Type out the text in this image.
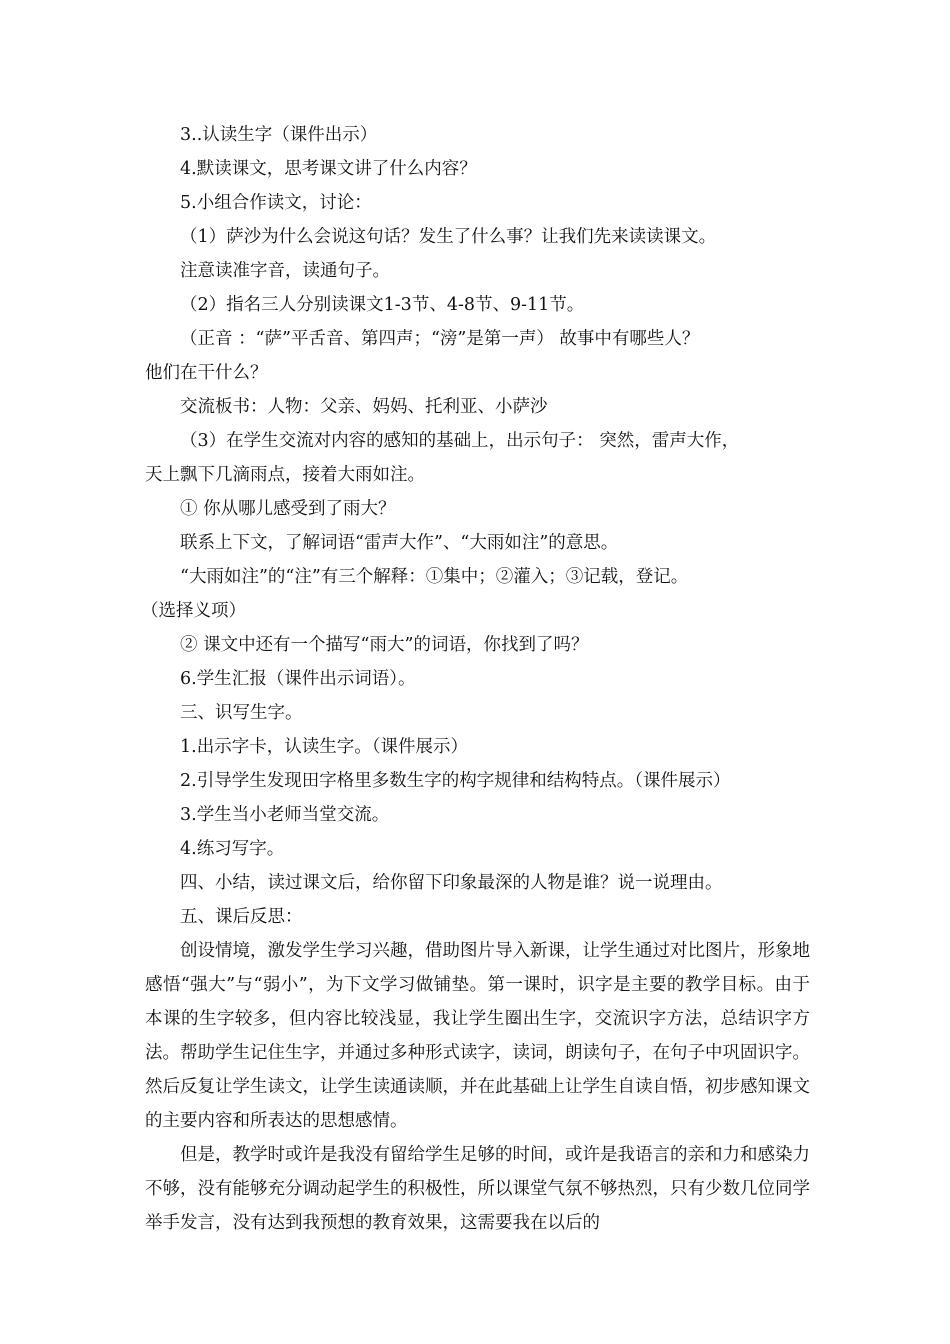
3..认读生字（课件出示）

4.默读课文，思考课文讲了什么内容？

5.小组合作读文，讨论：

（1）萨沙为什么会说这句话？发生了什么事？让我们先来读读课文。

注意读准字音，读通句子。

（2）指名三人分别读课文1-3节、4-8节、9-11节。

（正音 ：“萨”平舌音、第四声；“滂”是第一声） 故事中有哪些人？

他们在干什么？

交流板书：人物：父亲、妈妈、托利亚、小萨沙

（3）在学生交流对内容的感知的基础上，出示句子： 突然，雷声大作，

天上飘下几滴雨点，接着大雨如注。

① 你从哪儿感受到了雨大？

联系上下文，了解词语“雷声大作”、“大雨如注”的意思。

“大雨如注”的“注”有三个解释：①集中；②灌入；③记载，登记。

（选择义项）

② 课文中还有一个描写“雨大”的词语，你找到了吗？

6.学生汇报（课件出示词语）。

三、识写生字。

1.出示字卡，认读生字。（课件展示）

2.引导学生发现田字格里多数生字的构字规律和结构特点。（课件展示）

3.学生当小老师当堂交流。

4.练习写字。

四、小结，读过课文后，给你留下印象最深的人物是谁？说一说理由。

五、课后反思：

创设情境，激发学生学习兴趣，借助图片导入新课，让学生通过对比图片，形象地感悟“强大”与“弱小”，为下文学习做铺垫。第一课时，识字是主要的教学目标。由于本课的生字较多，但内容比较浅显，我让学生圈出生字，交流识字方法，总结识字方法。帮助学生记住生字，并通过多种形式读字，读词，朗读句子，在句子中巩固识字。然后反复让学生读文，让学生读通读顺，并在此基础上让学生自读自悟，初步感知课文的主要内容和所表达的思想感情。

但是，教学时或许是我没有留给学生足够的时间，或许是我语言的亲和力和感染力不够，没有能够充分调动起学生的积极性，所以课堂气氛不够热烈，只有少数几位同学举手发言，没有达到我预想的教育效果，这需要我在以后的
